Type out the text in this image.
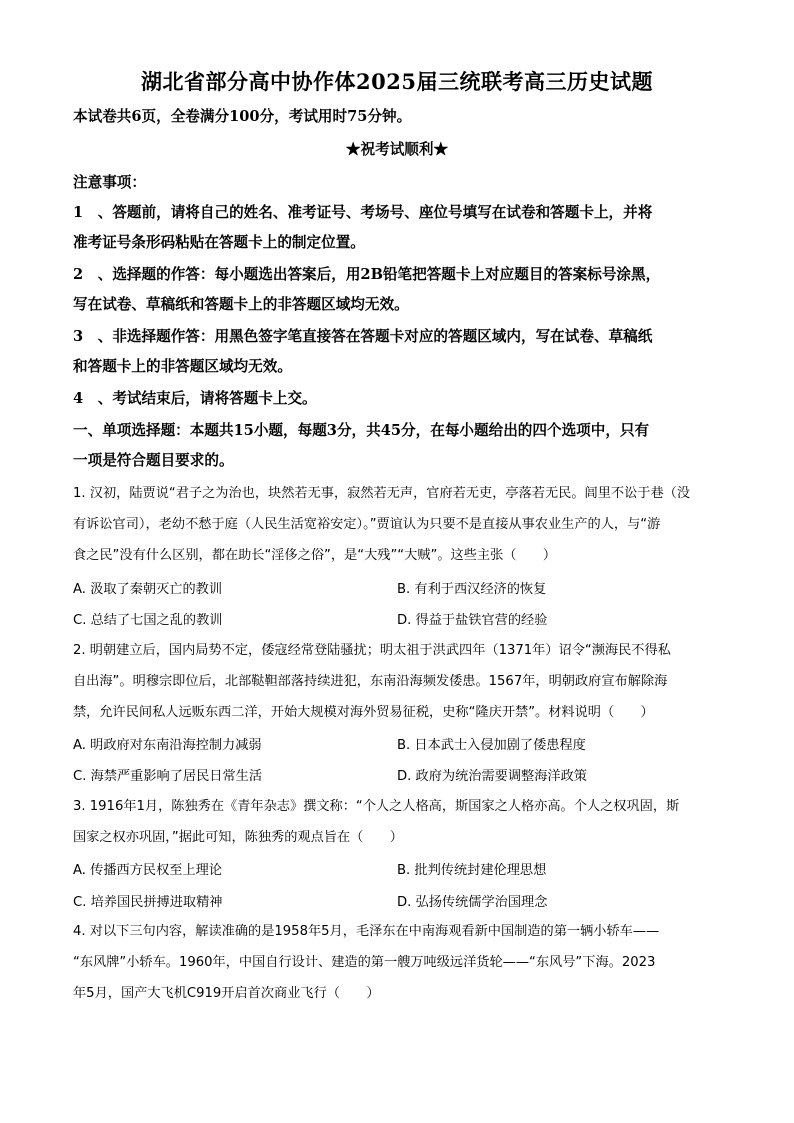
湖北省部分高中协作体2025届三统联考高三历史试题
本试卷共6页，全卷满分100分，考试用时75分钟。
★祝考试顺利★
注意事项：
1　、答题前，请将自己的姓名、准考证号、考场号、座位号填写在试卷和答题卡上，并将
准考证号条形码粘贴在答题卡上的制定位置。
2　、选择题的作答：每小题选出答案后，用2B铅笔把答题卡上对应题目的答案标号涂黑，
写在试卷、草稿纸和答题卡上的非答题区域均无效。
3　、非选择题作答：用黑色签字笔直接答在答题卡对应的答题区域内，写在试卷、草稿纸
和答题卡上的非答题区域均无效。
4　、考试结束后，请将答题卡上交。
一、单项选择题：本题共15小题，每题3分，共45分，在每小题给出的四个选项中，只有
一项是符合题目要求的。
1. 汉初，陆贾说“君子之为治也，块然若无事，寂然若无声，官府若无吏，亭落若无民。闾里不讼于巷（没
有诉讼官司），老幼不愁于庭（人民生活宽裕安定）。”贾谊认为只要不是直接从事农业生产的人，与“游
食之民”没有什么区别，都在助长“淫侈之俗”，是“大残”“大贼”。这些主张（　　）
A. 汲取了秦朝灭亡的教训	B. 有利于西汉经济的恢复
C. 总结了七国之乱的教训	D. 得益于盐铁官营的经验
2. 明朝建立后，国内局势不定，倭寇经常登陆骚扰；明太祖于洪武四年（1371年）诏令“濒海民不得私
自出海”。明穆宗即位后，北部鞑靼部落持续进犯，东南沿海频发倭患。1567年，明朝政府宣布解除海
禁，允许民间私人远贩东西二洋，开始大规模对海外贸易征税，史称“隆庆开禁”。材料说明（　　）
A. 明政府对东南沿海控制力减弱	B. 日本武士入侵加剧了倭患程度
C. 海禁严重影响了居民日常生活	D. 政府为统治需要调整海洋政策
3. 1916年1月，陈独秀在《青年杂志》撰文称：“个人之人格高，斯国家之人格亦高。个人之权巩固，斯
国家之权亦巩固，”据此可知，陈独秀的观点旨在（　　）
A. 传播西方民权至上理论	B. 批判传统封建伦理思想
C. 培养国民拼搏进取精神	D. 弘扬传统儒学治国理念
4. 对以下三句内容，解读准确的是1958年5月，毛泽东在中南海观看新中国制造的第一辆小轿车——
“东风牌”小轿车。1960年，中国自行设计、建造的第一艘万吨级远洋货轮——“东风号”下海。2023
年5月，国产大飞机C919开启首次商业飞行（　　）
